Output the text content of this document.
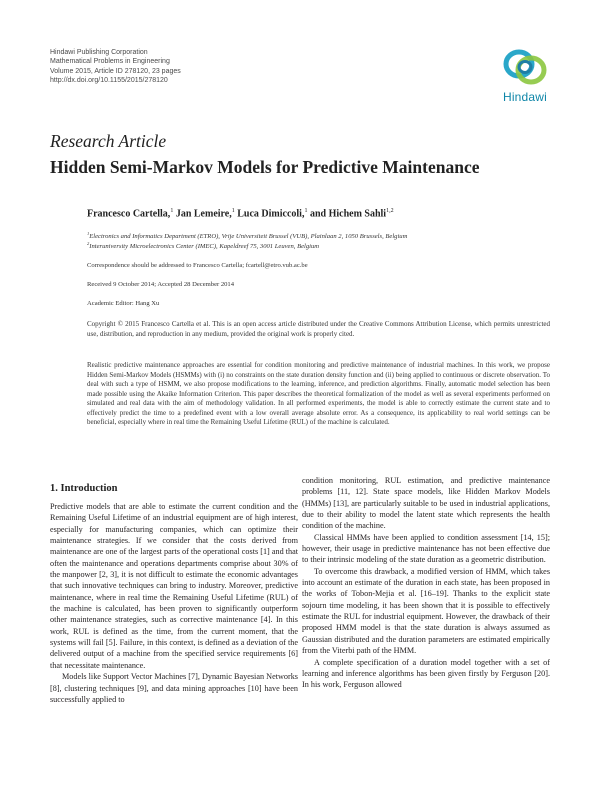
Hindawi Publishing Corporation
Mathematical Problems in Engineering
Volume 2015, Article ID 278120, 23 pages
http://dx.doi.org/10.1155/2015/278120
Hindawi
Research Article
Hidden Semi-Markov Models for Predictive Maintenance
Francesco Cartella,$^1$ Jan Lemeire,$^1$ Luca Dimiccoli,$^1$ and Hichem Sahli$^{1,2}$
$^1$Electronics and Informatics Department (ETRO), Vrije Universiteit Brussel (VUB), Plainlaan 2, 1050 Brussels, Belgium
$^2$Interuniversity Microelectronics Center (IMEC), Kapeldreef 75, 3001 Leuven, Belgium
Correspondence should be addressed to Francesco Cartella; fcartell@etro.vub.ac.be
Received 9 October 2014; Accepted 28 December 2014
Academic Editor: Hang Xu
Copyright © 2015 Francesco Cartella et al. This is an open access article distributed under the Creative Commons Attribution License, which permits unrestricted use, distribution, and reproduction in any medium, provided the original work is properly cited.
Realistic predictive maintenance approaches are essential for condition monitoring and predictive maintenance of industrial machines. In this work, we propose Hidden Semi-Markov Models (HSMMs) with (i) no constraints on the state duration density function and (ii) being applied to continuous or discrete observation. To deal with such a type of HSMM, we also propose modifications to the learning, inference, and prediction algorithms. Finally, automatic model selection has been made possible using the Akaike Information Criterion. This paper describes the theoretical formalization of the model as well as several experiments performed on simulated and real data with the aim of methodology validation. In all performed experiments, the model is able to correctly estimate the current state and to effectively predict the time to a predefined event with a low overall average absolute error. As a consequence, its applicability to real world settings can be beneficial, especially where in real time the Remaining Useful Lifetime (RUL) of the machine is calculated.
1. Introduction

Predictive models that are able to estimate the current condition and the Remaining Useful Lifetime of an industrial equipment are of high interest, especially for manufacturing companies, which can optimize their maintenance strategies. If we consider that the costs derived from maintenance are one of the largest parts of the operational costs [1] and that often the maintenance and operations departments comprise about 30% of the manpower [2, 3], it is not difficult to estimate the economic advantages that such innovative techniques can bring to industry. Moreover, predictive maintenance, where in real time the Remaining Useful Lifetime (RUL) of the machine is calculated, has been proven to significantly outperform other maintenance strategies, such as corrective maintenance [4]. In this work, RUL is defined as the time, from the current moment, that the systems will fail [5]. Failure, in this context, is defined as a deviation of the delivered output of a machine from the specified service requirements [6] that necessitate maintenance.

Models like Support Vector Machines [7], Dynamic Bayesian Networks [8], clustering techniques [9], and data mining approaches [10] have been successfully applied to

condition monitoring, RUL estimation, and predictive maintenance problems [11, 12]. State space models, like Hidden Markov Models (HMMs) [13], are particularly suitable to be used in industrial applications, due to their ability to model the latent state which represents the health condition of the machine.

Classical HMMs have been applied to condition assessment [14, 15]; however, their usage in predictive maintenance has not been effective due to their intrinsic modeling of the state duration as a geometric distribution.

To overcome this drawback, a modified version of HMM, which takes into account an estimate of the duration in each state, has been proposed in the works of Tobon-Mejia et al. [16–19]. Thanks to the explicit state sojourn time modeling, it has been shown that it is possible to effectively estimate the RUL for industrial equipment. However, the drawback of their proposed HMM model is that the state duration is always assumed as Gaussian distributed and the duration parameters are estimated empirically from the Viterbi path of the HMM.

A complete specification of a duration model together with a set of learning and inference algorithms has been given firstly by Ferguson [20]. In his work, Ferguson allowed
